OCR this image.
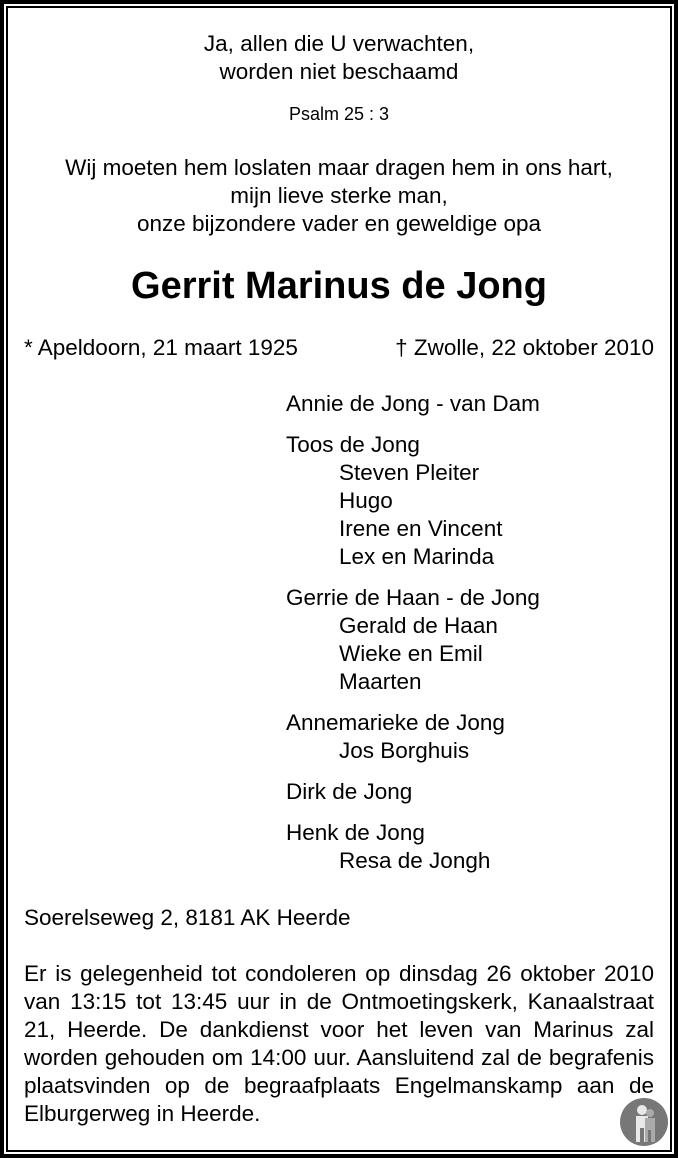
Ja, allen die U verwachten,
worden niet beschaamd
Psalm 25 : 3
Wij moeten hem loslaten maar dragen hem in ons hart,
mijn lieve sterke man,
onze bijzondere vader en geweldige opa
Gerrit Marinus de Jong
* Apeldoorn, 21 maart 1925	† Zwolle, 22 oktober 2010
Annie de Jong - van Dam
Toos de Jong
Steven Pleiter
Hugo
Irene en Vincent
Lex en Marinda
Gerrie de Haan - de Jong
Gerald de Haan
Wieke en Emil
Maarten
Annemarieke de Jong
Jos Borghuis
Dirk de Jong
Henk de Jong
Resa de Jongh
Soerelseweg 2, 8181 AK Heerde
Er is gelegenheid tot condoleren op dinsdag 26 oktober 2010 van 13:15 tot 13:45 uur in de Ontmoetingskerk, Kanaalstraat 21, Heerde. De dankdienst voor het leven van Marinus zal worden gehouden om 14:00 uur. Aansluitend zal de begrafenis plaatsvinden op de begraafplaats Engelmanskamp aan de Elburgerweg in Heerde.
